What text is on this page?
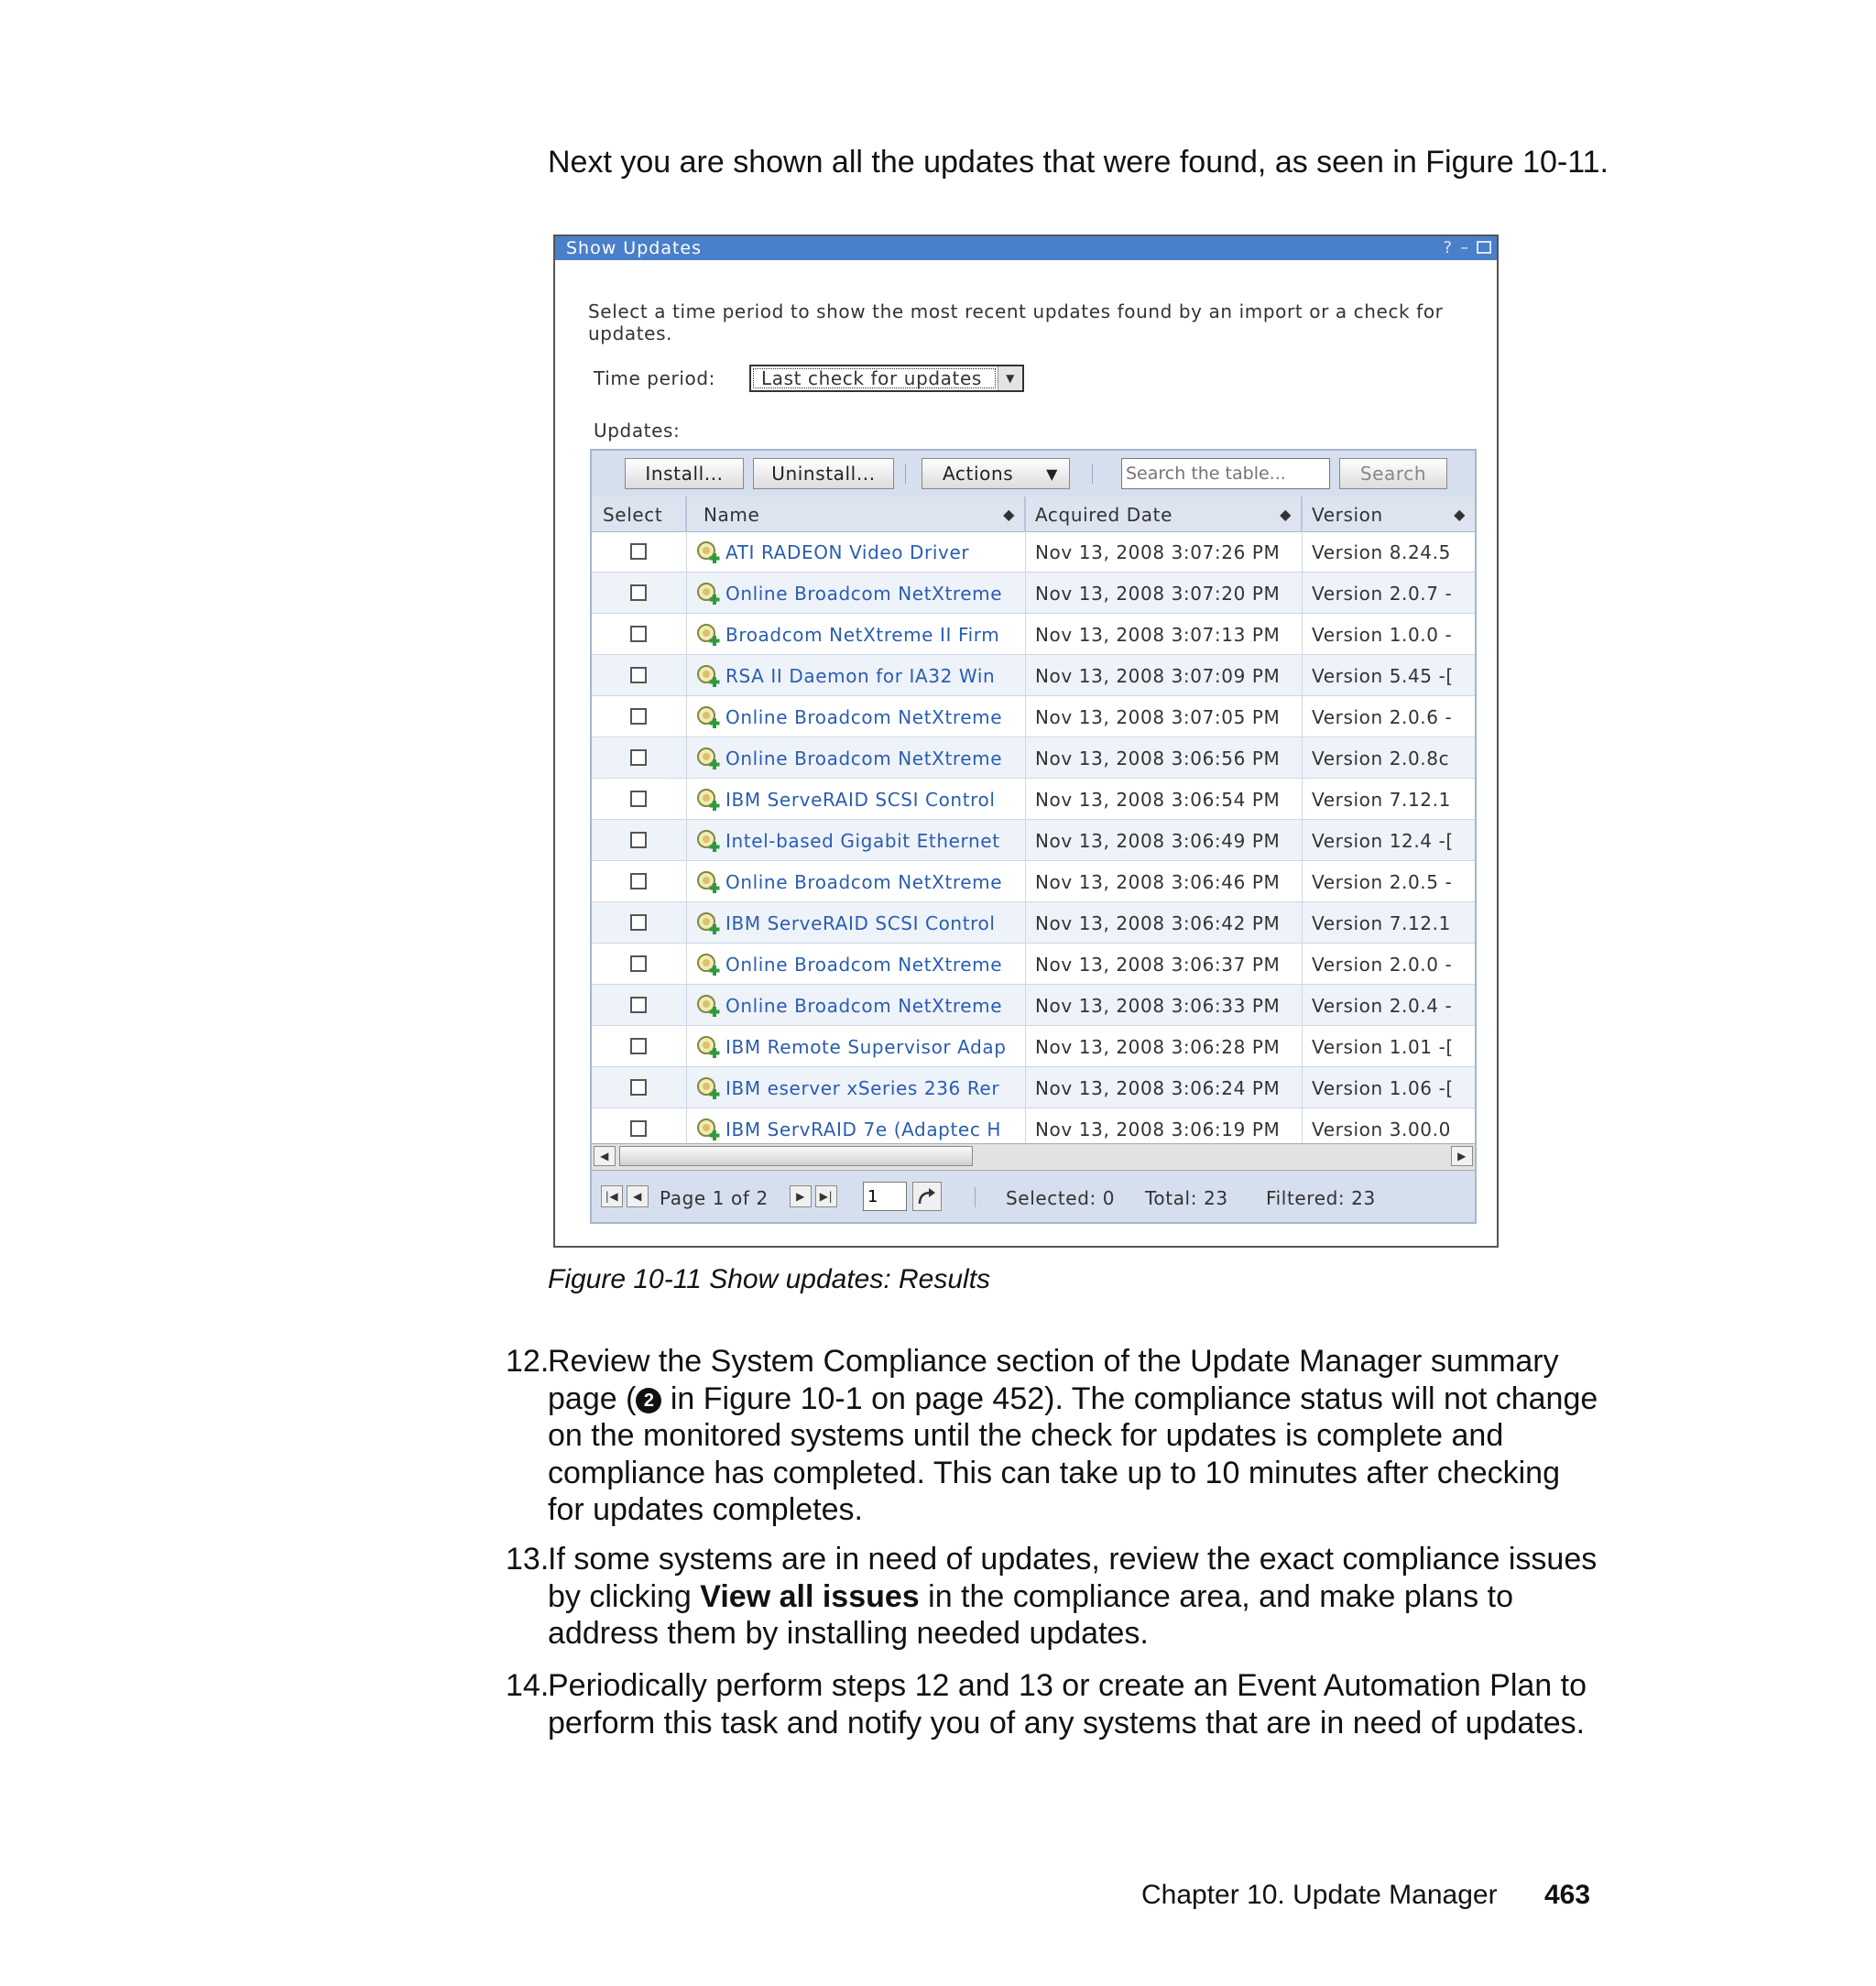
Next you are shown all the updates that were found, as seen in Figure 10-11.
Show Updates	? –
Select a time period to show the most recent updates found by an import or a check for updates.
Time period:	Last check for updates	▼
Updates:
Install...	Uninstall...	Actions ▼
Search the table...	Search
Select	Name	◆	Acquired Date	◆	Version	◆
ATI RADEON Video Driver	Nov 13, 2008 3:07:26 PM	Version 8.24.5
Online Broadcom NetXtreme	Nov 13, 2008 3:07:20 PM	Version 2.0.7 -
Broadcom NetXtreme II Firm	Nov 13, 2008 3:07:13 PM	Version 1.0.0 -
RSA II Daemon for IA32 Win	Nov 13, 2008 3:07:09 PM	Version 5.45 -[
Online Broadcom NetXtreme	Nov 13, 2008 3:07:05 PM	Version 2.0.6 -
Online Broadcom NetXtreme	Nov 13, 2008 3:06:56 PM	Version 2.0.8c
IBM ServeRAID SCSI Control	Nov 13, 2008 3:06:54 PM	Version 7.12.1
Intel-based Gigabit Ethernet	Nov 13, 2008 3:06:49 PM	Version 12.4 -[
Online Broadcom NetXtreme	Nov 13, 2008 3:06:46 PM	Version 2.0.5 -
IBM ServeRAID SCSI Control	Nov 13, 2008 3:06:42 PM	Version 7.12.1
Online Broadcom NetXtreme	Nov 13, 2008 3:06:37 PM	Version 2.0.0 -
Online Broadcom NetXtreme	Nov 13, 2008 3:06:33 PM	Version 2.0.4 -
IBM Remote Supervisor Adap	Nov 13, 2008 3:06:28 PM	Version 1.01 -[
IBM eserver xSeries 236 Rer	Nov 13, 2008 3:06:24 PM	Version 1.06 -[
IBM ServRAID 7e (Adaptec H	Nov 13, 2008 3:06:19 PM	Version 3.00.0
◀	▶
|◀	◀ Page 1 of 2	▶	▶|
1	Selected: 0 Total: 23 Filtered: 23
Figure 10-11 Show updates: Results
12.
Review the System Compliance section of the Update Manager summary page ( 2 in Figure 10-1 on page 452). The compliance status will not change on the monitored systems until the check for updates is complete and compliance has completed. This can take up to 10 minutes after checking for updates completes.
13.
If some systems are in need of updates, review the exact compliance issues by clicking View all issues in the compliance area, and make plans to address them by installing needed updates.
14.
Periodically perform steps 12 and 13 or create an Event Automation Plan to perform this task and notify you of any systems that are in need of updates.
Chapter 10. Update Manager 463
